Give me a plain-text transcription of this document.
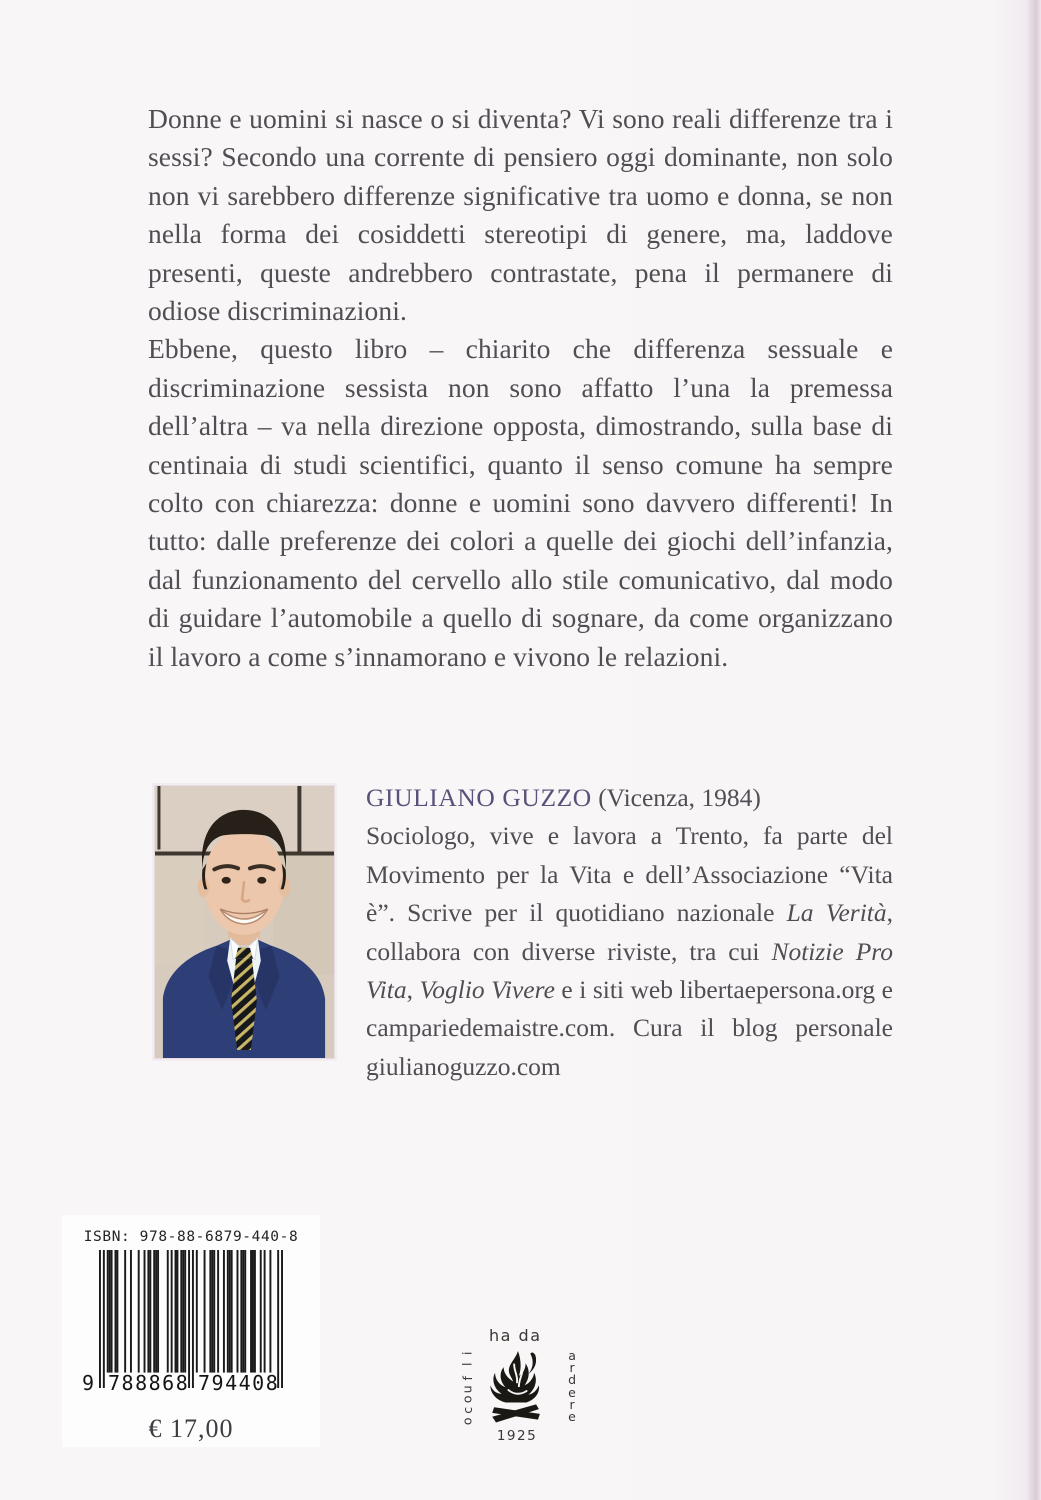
Donne e uomini si nasce o si diventa? Vi sono reali differenze tra i sessi? Secondo una corrente di pensiero oggi dominante, non solo non vi sarebbero differenze significative tra uomo e donna, se non nella forma dei cosiddetti stereotipi di genere, ma, laddove presenti, queste andrebbero contrastate, pena il permanere di odiose discriminazioni.

Ebbene, questo libro – chiarito che differenza sessuale e discriminazione sessista non sono affatto l’una la premessa dell’altra – va nella direzione opposta, dimostrando, sulla base di centinaia di studi scientifici, quanto il senso comune ha sempre colto con chiarezza: donne e uomini sono davvero differenti! In tutto: dalle preferenze dei colori a quelle dei giochi dell’infanzia, dal funzionamento del cervello allo stile comunicativo, dal modo di guidare l’automobile a quello di sognare, da come organizzano il lavoro a come s’innamorano e vivono le relazioni.

GIULIANO GUZZO (Vicenza, 1984)

Sociologo, vive e lavora a Trento, fa parte del Movimento per la Vita e dell’Associazione “Vita è”. Scrive per il quotidiano nazionale La Verità, collabora con diverse riviste, tra cui Notizie Pro Vita, Voglio Vivere e i siti web libertaepersona.org e campariedemaistre.com. Cura il blog personale giulianoguzzo.com

ISBN: 978-88-6879-440-8
9 788868 794408
€ 17,00
ha da
i
l
f
u
o
c
o
a
r
d
e
r
e
1925
